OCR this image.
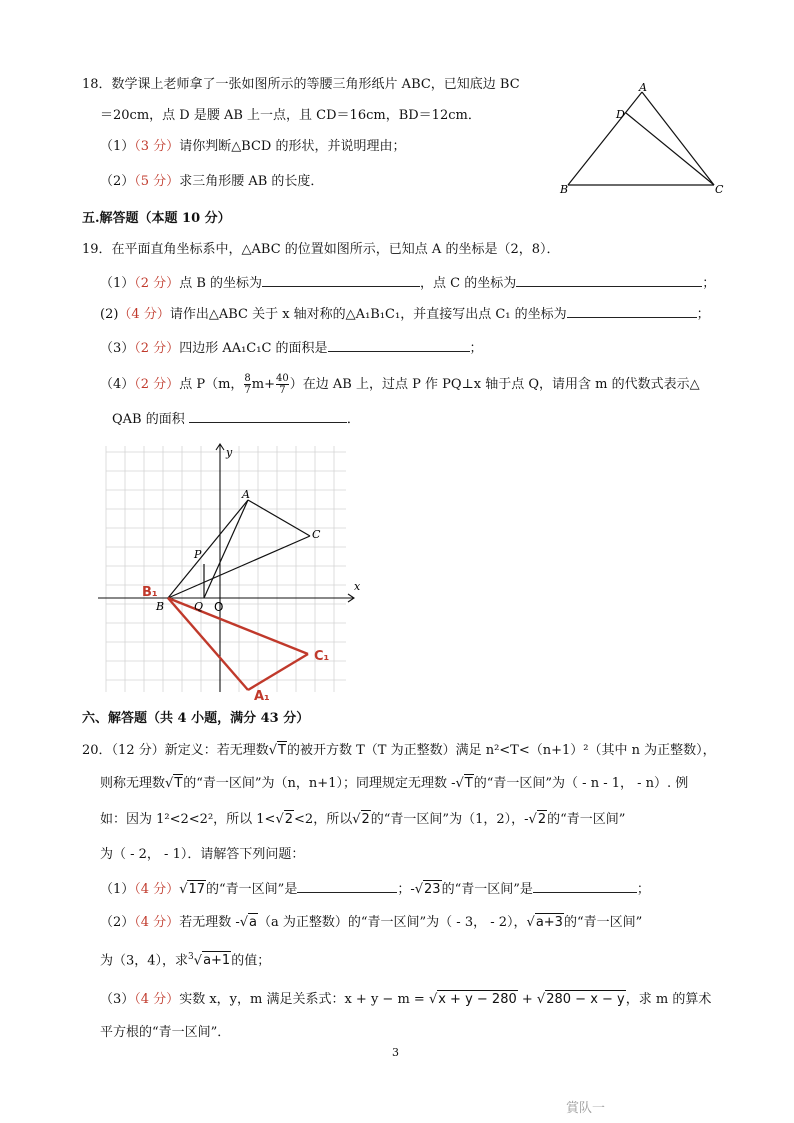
18．数学课上老师拿了一张如图所示的等腰三角形纸片 ABC，已知底边 BC
＝20cm，点 D 是腰 AB 上一点，且 CD＝16cm，BD＝12cm．
（1）（3 分）请你判断△BCD 的形状，并说明理由；
（2）（5 分）求三角形腰 AB 的长度．
A
D
B	C
五.解答题（本题 10 分）
19．在平面直角坐标系中，△ABC 的位置如图所示，已知点 A 的坐标是（2，8）．
（1）（2 分）点 B 的坐标为	，点 C 的坐标为	；
(2)（4 分）请作出△ABC 关于 x 轴对称的△A₁B₁C₁，并直接写出点 C₁ 的坐标为	；
（3）（2 分）四边形 AA₁C₁C 的面积是	；
（4）（2 分）点 P（m， $\frac{8}{7} m+ \frac{40}{7}$ ）在边 AB 上，过点 P 作 PQ⊥x 轴于点 Q，请用含 m 的代数式表示△
QAB 的面积	．
y
x
A
C
P
B	Q O
B₁
C₁
A₁
六、解答题（共 4 小题，满分 43 分）
20．（12 分）新定义：若无理数√T的被开方数 T（T 为正整数）满足 n²<T<（n+1）²（其中 n 为正整数），
则称无理数√T的“青一区间”为（n，n+1）；同理规定无理数 -√T的“青一区间”为（ - n - 1， - n）. 例
如：因为 1²<2<2²，所以 1<√2<2，所以√2的“青一区间”为（1，2），-√2的“青一区间”
为（ - 2， - 1）．请解答下列问题：
（1）（4 分）√17的“青一区间”是	；-√23的“青一区间”是	；
（2）（4 分）若无理数 -√a（a 为正整数）的“青一区间”为（ - 3， - 2），√a+3的“青一区间”
为（3，4），求$^3$√a+1的值；
（3）（4 分）实数 x，y，m 满足关系式：x + y − m = √x + y − 280 + √280 − x − y，求 m 的算术
平方根的“青一区间”．
3
賞队一
